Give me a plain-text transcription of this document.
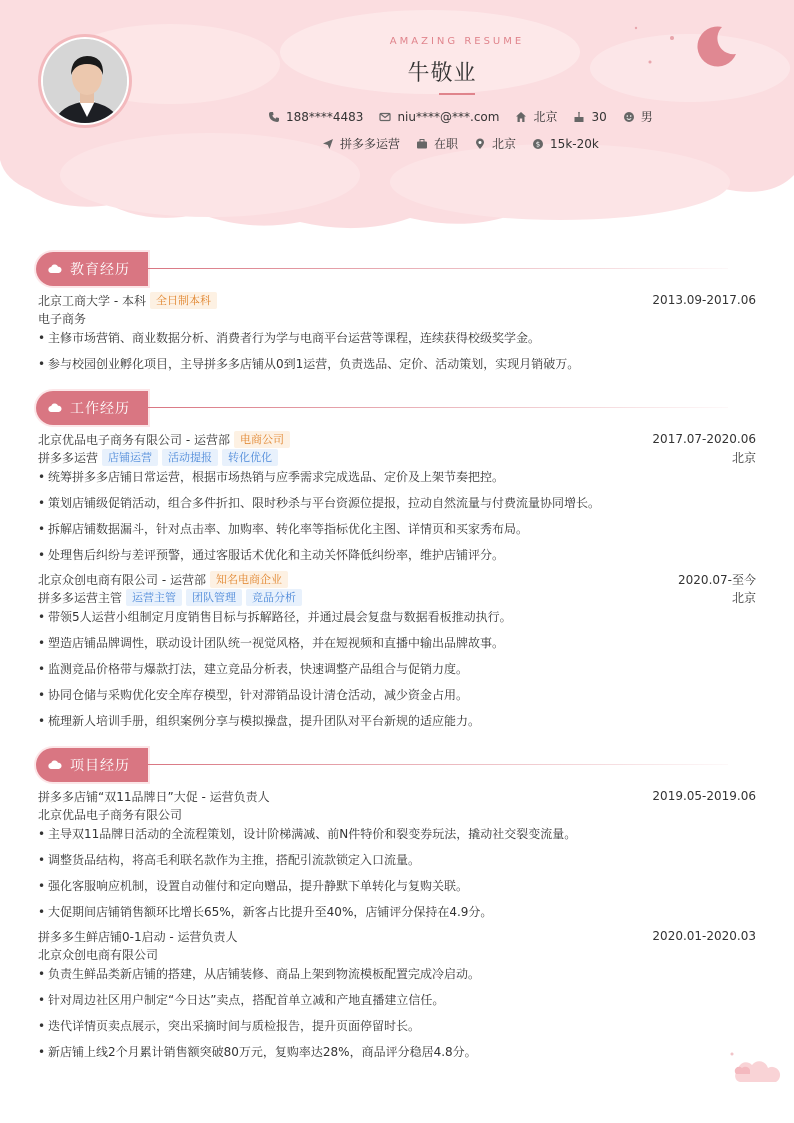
AMAZING RESUME
牛敬业
188****4483	niu****@***.com	北京	30	男
拼多多运营	在职	北京	$ 15k-20k
教育经历
北京工商大学 - 本科 全日制本科	2013.09-2017.06
电子商务
• 主修市场营销、商业数据分析、消费者行为学与电商平台运营等课程，连续获得校级奖学金。
• 参与校园创业孵化项目，主导拼多多店铺从0到1运营，负责选品、定价、活动策划，实现月销破万。
工作经历
北京优品电子商务有限公司 - 运营部 电商公司	2017.07-2020.06
拼多多运营 店铺运营	活动提报	转化优化	北京
• 统筹拼多多店铺日常运营，根据市场热销与应季需求完成选品、定价及上架节奏把控。
• 策划店铺级促销活动，组合多件折扣、限时秒杀与平台资源位提报，拉动自然流量与付费流量协同增长。
• 拆解店铺数据漏斗，针对点击率、加购率、转化率等指标优化主图、详情页和买家秀布局。
• 处理售后纠纷与差评预警，通过客服话术优化和主动关怀降低纠纷率，维护店铺评分。
北京众创电商有限公司 - 运营部 知名电商企业	2020.07-至今
拼多多运营主管 运营主管	团队管理	竞品分析	北京
• 带领5人运营小组制定月度销售目标与拆解路径，并通过晨会复盘与数据看板推动执行。
• 塑造店铺品牌调性，联动设计团队统一视觉风格，并在短视频和直播中输出品牌故事。
• 监测竞品价格带与爆款打法，建立竞品分析表，快速调整产品组合与促销力度。
• 协同仓储与采购优化安全库存模型，针对滞销品设计清仓活动，减少资金占用。
• 梳理新人培训手册，组织案例分享与模拟操盘，提升团队对平台新规的适应能力。
项目经历
拼多多店铺“双11品牌日”大促 - 运营负责人	2019.05-2019.06
北京优品电子商务有限公司
• 主导双11品牌日活动的全流程策划，设计阶梯满减、前N件特价和裂变券玩法，撬动社交裂变流量。
• 调整货品结构，将高毛利联名款作为主推，搭配引流款锁定入口流量。
• 强化客服响应机制，设置自动催付和定向赠品，提升静默下单转化与复购关联。
• 大促期间店铺销售额环比增长65%，新客占比提升至40%，店铺评分保持在4.9分。
拼多多生鲜店铺0-1启动 - 运营负责人	2020.01-2020.03
北京众创电商有限公司
• 负责生鲜品类新店铺的搭建，从店铺装修、商品上架到物流模板配置完成冷启动。
• 针对周边社区用户制定“今日达”卖点，搭配首单立减和产地直播建立信任。
• 迭代详情页卖点展示，突出采摘时间与质检报告，提升页面停留时长。
• 新店铺上线2个月累计销售额突破80万元，复购率达28%，商品评分稳居4.8分。
